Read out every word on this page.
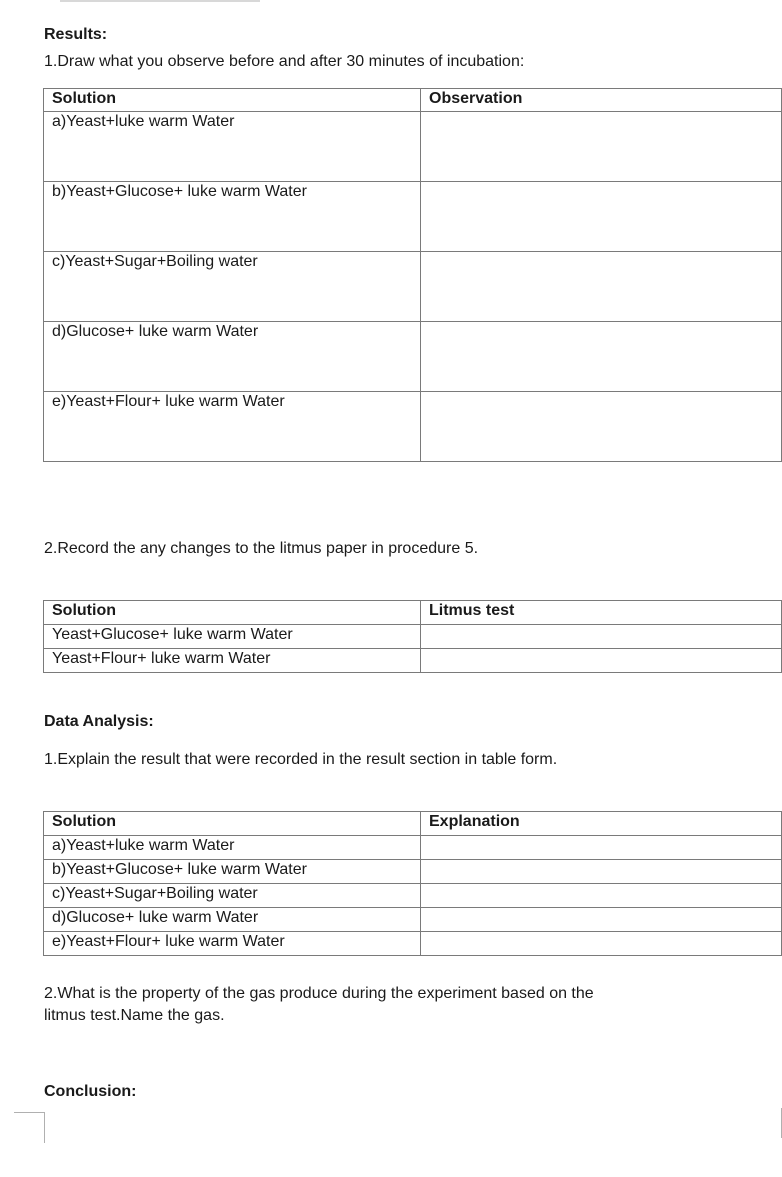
Results:
1.Draw what you observe before and after 30 minutes of incubation:
Solution	Observation
a)Yeast+luke warm Water	
b)Yeast+Glucose+ luke warm Water	
c)Yeast+Sugar+Boiling water	
d)Glucose+ luke warm Water	
e)Yeast+Flour+ luke warm Water	
2.Record the any changes to the litmus paper in procedure 5.
Solution	Litmus test
Yeast+Glucose+ luke warm Water	
Yeast+Flour+ luke warm Water	
Data Analysis:
1.Explain the result that were recorded in the result section in table form.
Solution	Explanation
a)Yeast+luke warm Water	
b)Yeast+Glucose+ luke warm Water	
c)Yeast+Sugar+Boiling water	
d)Glucose+ luke warm Water	
e)Yeast+Flour+ luke warm Water	
2.What is the property of the gas produce during the experiment based on the
litmus test.Name the gas.
Conclusion:
